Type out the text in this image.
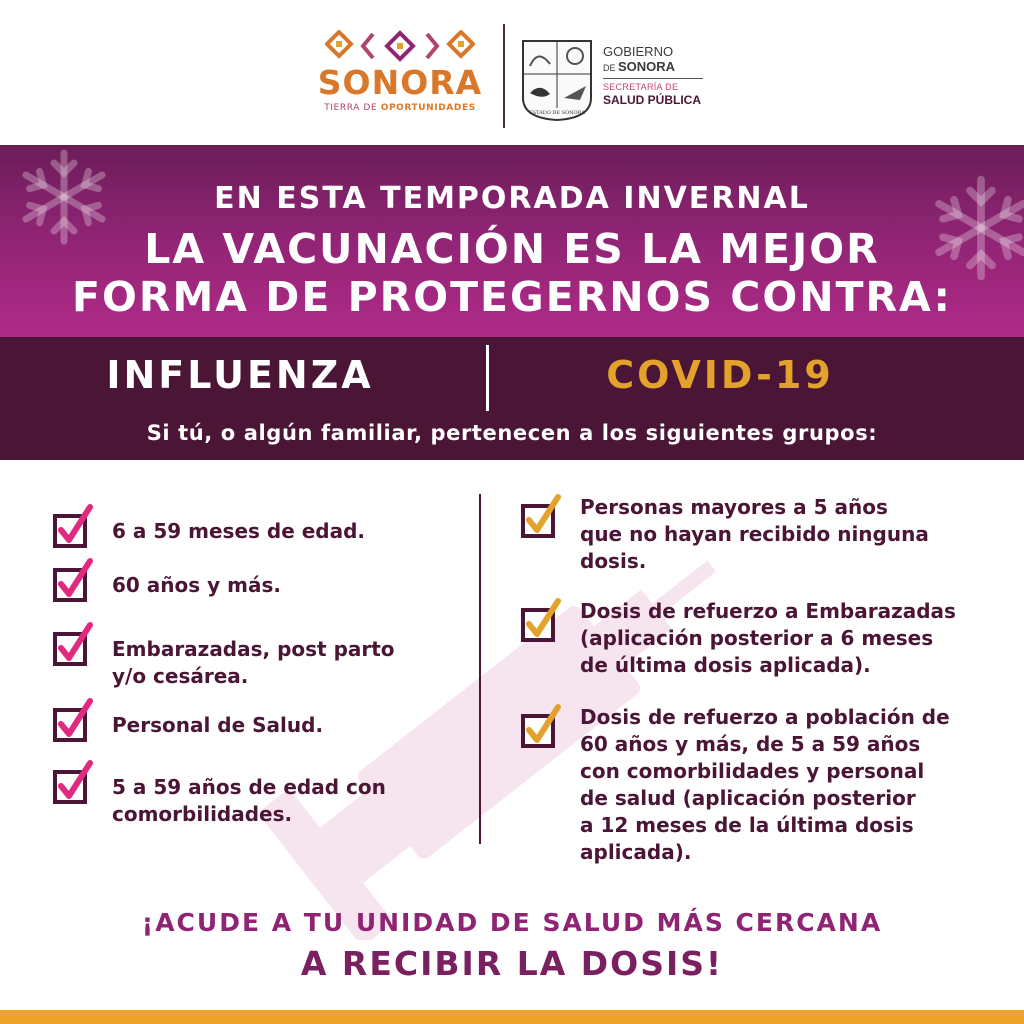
SONORA
TIERRA DE OPORTUNIDADES	ESTADO DE SONORA
GOBIERNO
DE SONORA
SECRETARÍA DE
SALUD PÚBLICA
EN ESTA TEMPORADA INVERNAL
LA VACUNACIÓN ES LA MEJOR
FORMA DE PROTEGERNOS CONTRA:
INFLUENZA	COVID-19
Si tú, o algún familiar, pertenecen a los siguientes grupos:
6 a 59 meses de edad.
60 años y más.
Embarazadas, post parto
y/o cesárea.
Personal de Salud.
5 a 59 años de edad con
comorbilidades.
Personas mayores a 5 años
que no hayan recibido ninguna
dosis.
Dosis de refuerzo a Embarazadas
(aplicación posterior a 6 meses
de última dosis aplicada).
Dosis de refuerzo a población de
60 años y más, de 5 a 59 años
con comorbilidades y personal
de salud (aplicación posterior
a 12 meses de la última dosis
aplicada).
¡ACUDE A TU UNIDAD DE SALUD MÁS CERCANA
A RECIBIR LA DOSIS!
